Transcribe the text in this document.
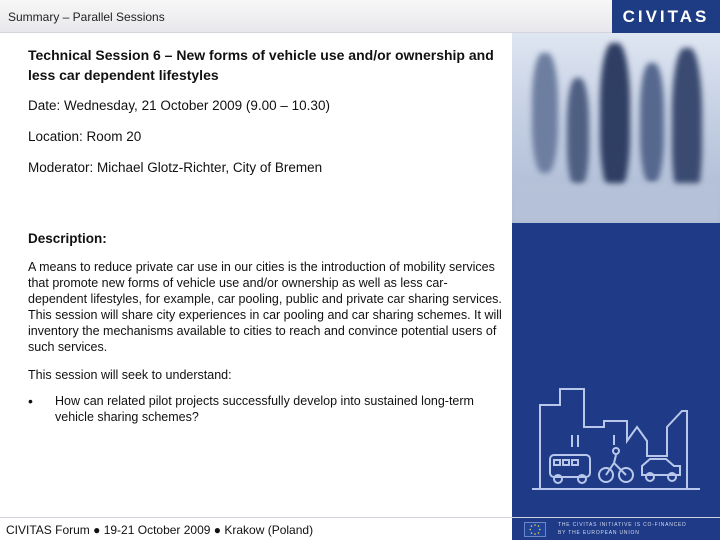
Summary – Parallel Sessions	CIVITAS
Technical Session 6 – New forms of vehicle use and/or ownership and less car dependent lifestyles
Date: Wednesday, 21 October 2009 (9.00 – 10.30)
Location: Room 20
Moderator: Michael Glotz-Richter, City of Bremen
Description:
A means to reduce private car use in our cities is the introduction of mobility services that promote new forms of vehicle use and/or ownership as well as less car-dependent lifestyles, for example, car pooling, public and private car sharing services. This session will share city experiences in car pooling and car sharing schemes. It will inventory the mechanisms available to cities to reach and convince potential users of such services.
This session will seek to understand:
• How can related pilot projects successfully develop into sustained long-term vehicle sharing schemes?
CIVITAS Forum ● 19-21 October 2009 ● Krakow (Poland)	THE CIVITAS INITIATIVE IS CO-FINANCED
BY THE EUROPEAN UNION
